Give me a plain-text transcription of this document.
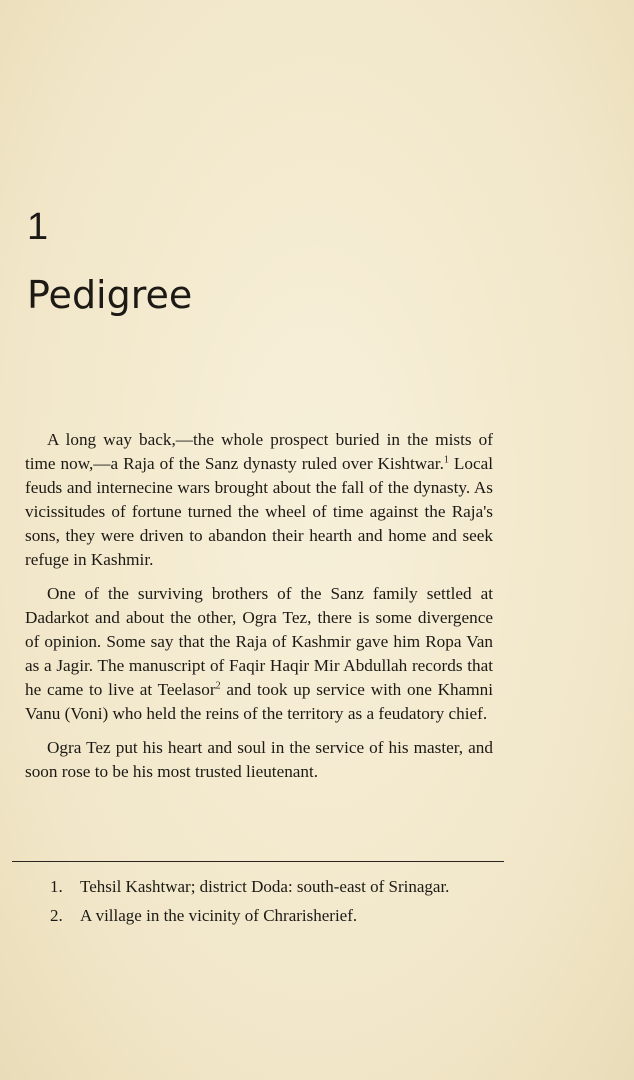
1
Pedigree

A long way back,—the whole prospect buried in the mists of time now,—a Raja of the Sanz dynasty ruled over Kishtwar.$^1$ Local feuds and internecine wars brought about the fall of the dynasty. As vicissitudes of fortune turned the wheel of time against the Raja's sons, they were driven to abandon their hearth and home and seek refuge in Kashmir.

One of the surviving brothers of the Sanz family settled at Dadarkot and about the other, Ogra Tez, there is some divergence of opinion. Some say that the Raja of Kashmir gave him Ropa Van as a Jagir. The manuscript of Faqir Haqir Mir Abdullah records that he came to live at Teelasor$^2$ and took up service with one Khamni Vanu (Voni) who held the reins of the territory as a feudatory chief.

Ogra Tez put his heart and soul in the service of his master, and soon rose to be his most trusted lieutenant.

1.	Tehsil Kashtwar; district Doda: south-east of Srinagar.
2.	A village in the vicinity of Chrarisherief.
